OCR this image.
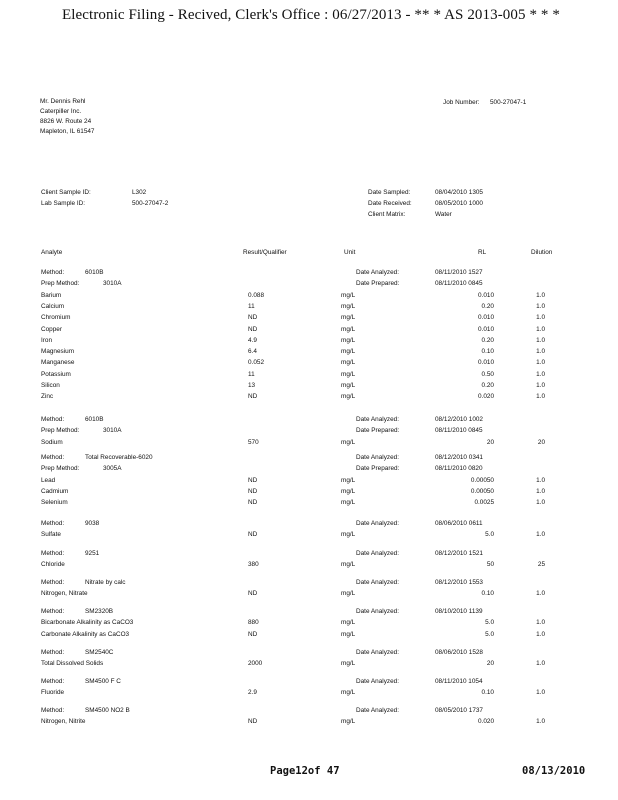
Electronic Filing - Recived, Clerk's Office : 06/27/2013 - ** * AS 2013-005 * * *
Mr. Dennis Rehl
Caterpiller Inc.
8826 W. Route 24
Mapleton, IL 61547
Job Number: 500-27047-1
Client Sample ID:	L302
Lab Sample ID:	500-27047-2
Date Sampled:	08/04/2010 1305
Date Received:	08/05/2010 1000
Client Matrix:	Water
Analyte	Result/Qualifier	Unit	RL	Dilution
Method:	6010B	Date Analyzed:	08/11/2010 1527
Prep Method:	3010A	Date Prepared:	08/11/2010 0845
Barium	0.088	mg/L	0.010	1.0
Calcium	11	mg/L	0.20	1.0
Chromium	ND	mg/L	0.010	1.0
Copper	ND	mg/L	0.010	1.0
Iron	4.9	mg/L	0.20	1.0
Magnesium	6.4	mg/L	0.10	1.0
Manganese	0.052	mg/L	0.010	1.0
Potassium	11	mg/L	0.50	1.0
Silicon	13	mg/L	0.20	1.0
Zinc	ND	mg/L	0.020	1.0
Method:	6010B	Date Analyzed:	08/12/2010 1002
Prep Method:	3010A	Date Prepared:	08/11/2010 0845
Sodium	570	mg/L	20	20
Method:	Total Recoverable-6020	Date Analyzed:	08/12/2010 0341
Prep Method:	3005A	Date Prepared:	08/11/2010 0820
Lead	ND	mg/L	0.00050	1.0
Cadmium	ND	mg/L	0.00050	1.0
Selenium	ND	mg/L	0.0025	1.0
Method:	9038	Date Analyzed:	08/06/2010 0611
Sulfate	ND	mg/L	5.0	1.0
Method:	9251	Date Analyzed:	08/12/2010 1521
Chloride	380	mg/L	50	25
Method:	Nitrate by calc	Date Analyzed:	08/12/2010 1553
Nitrogen, Nitrate	ND	mg/L	0.10	1.0
Method:	SM2320B	Date Analyzed:	08/10/2010 1139
Bicarbonate Alkalinity as CaCO3	880	mg/L	5.0	1.0
Carbonate Alkalinity as CaCO3	ND	mg/L	5.0	1.0
Method:	SM2540C	Date Analyzed:	08/06/2010 1528
Total Dissolved Solids	2000	mg/L	20	1.0
Method:	SM4500 F C	Date Analyzed:	08/11/2010 1054
Fluoride	2.9	mg/L	0.10	1.0
Method:	SM4500 NO2 B	Date Analyzed:	08/05/2010 1737
Nitrogen, Nitrite	ND	mg/L	0.020	1.0
Page12of 47	08/13/2010
